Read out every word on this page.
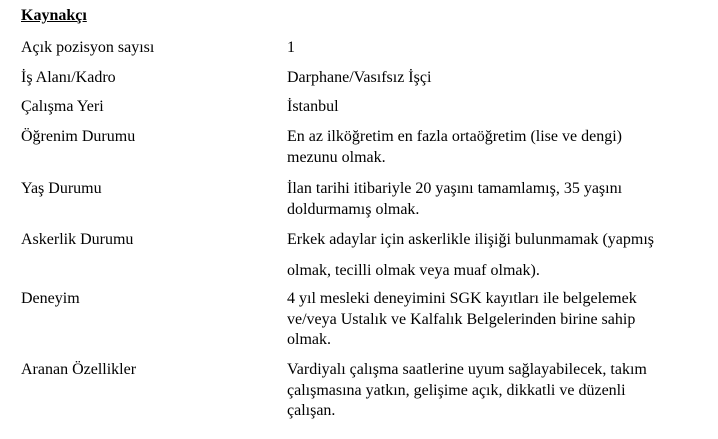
Kaynakçı
Açık pozisyon sayısı	1
İş Alanı/Kadro	Darphane/Vasıfsız İşçi
Çalışma Yeri	İstanbul
Öğrenim Durumu	En az ilköğretim en fazla ortaöğretim (lise ve dengi)
mezunu olmak.
Yaş Durumu	İlan tarihi itibariyle 20 yaşını tamamlamış, 35 yaşını
doldurmamış olmak.
Askerlik Durumu	Erkek adaylar için askerlikle ilişiği bulunmamak (yapmış
olmak, tecilli olmak veya muaf olmak).
Deneyim	4 yıl mesleki deneyimini SGK kayıtları ile belgelemek
ve/veya Ustalık ve Kalfalık Belgelerinden birine sahip
olmak.
Aranan Özellikler	Vardiyalı çalışma saatlerine uyum sağlayabilecek, takım
çalışmasına yatkın, gelişime açık, dikkatli ve düzenli
çalışan.
